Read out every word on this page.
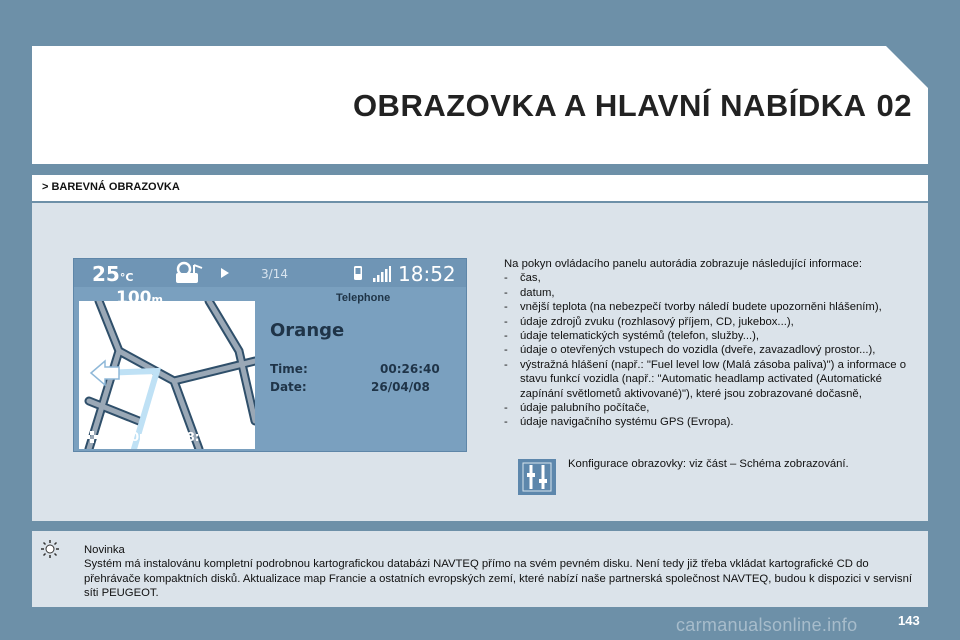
OBRAZOVKA A HLAVNÍ NABÍDKA 02
> BAREVNÁ OBRAZOVKA
25°C	3/14	18:52
100m	Telephone
Orange
Time:	00:26:40
Date:	26/04/08
300m 18:52

Na pokyn ovládacího panelu autorádia zobrazuje následující informace:

- čas,
- datum,
- vnější teplota (na nebezpečí tvorby náledí budete upozorněni hlášením),
- údaje zdrojů zvuku (rozhlasový příjem, CD, jukebox...),
- údaje telematických systémů (telefon, služby...),
- údaje o otevřených vstupech do vozidla (dveře, zavazadlový prostor...),
- výstražná hlášení (např.: "Fuel level low (Malá zásoba paliva)") a informace o stavu funkcí vozidla (např.: "Automatic headlamp activated (Automatické zapínání světlometů aktivované)"), které jsou zobrazované dočasně,
- údaje palubního počítače,
- údaje navigačního systému GPS (Evropa).
Konfigurace obrazovky: viz část – Schéma zobrazování.

Novinka

Systém má instalovánu kompletní podrobnou kartografickou databázi NAVTEQ přímo na svém pevném disku. Není tedy již třeba vkládat kartografické CD do přehrávače kompaktních disků. Aktualizace map Francie a ostatních evropských zemí, které nabízí naše partnerská společnost NAVTEQ, budou k dispozici v servisní síti PEUGEOT.

carmanualsonline.info	143
